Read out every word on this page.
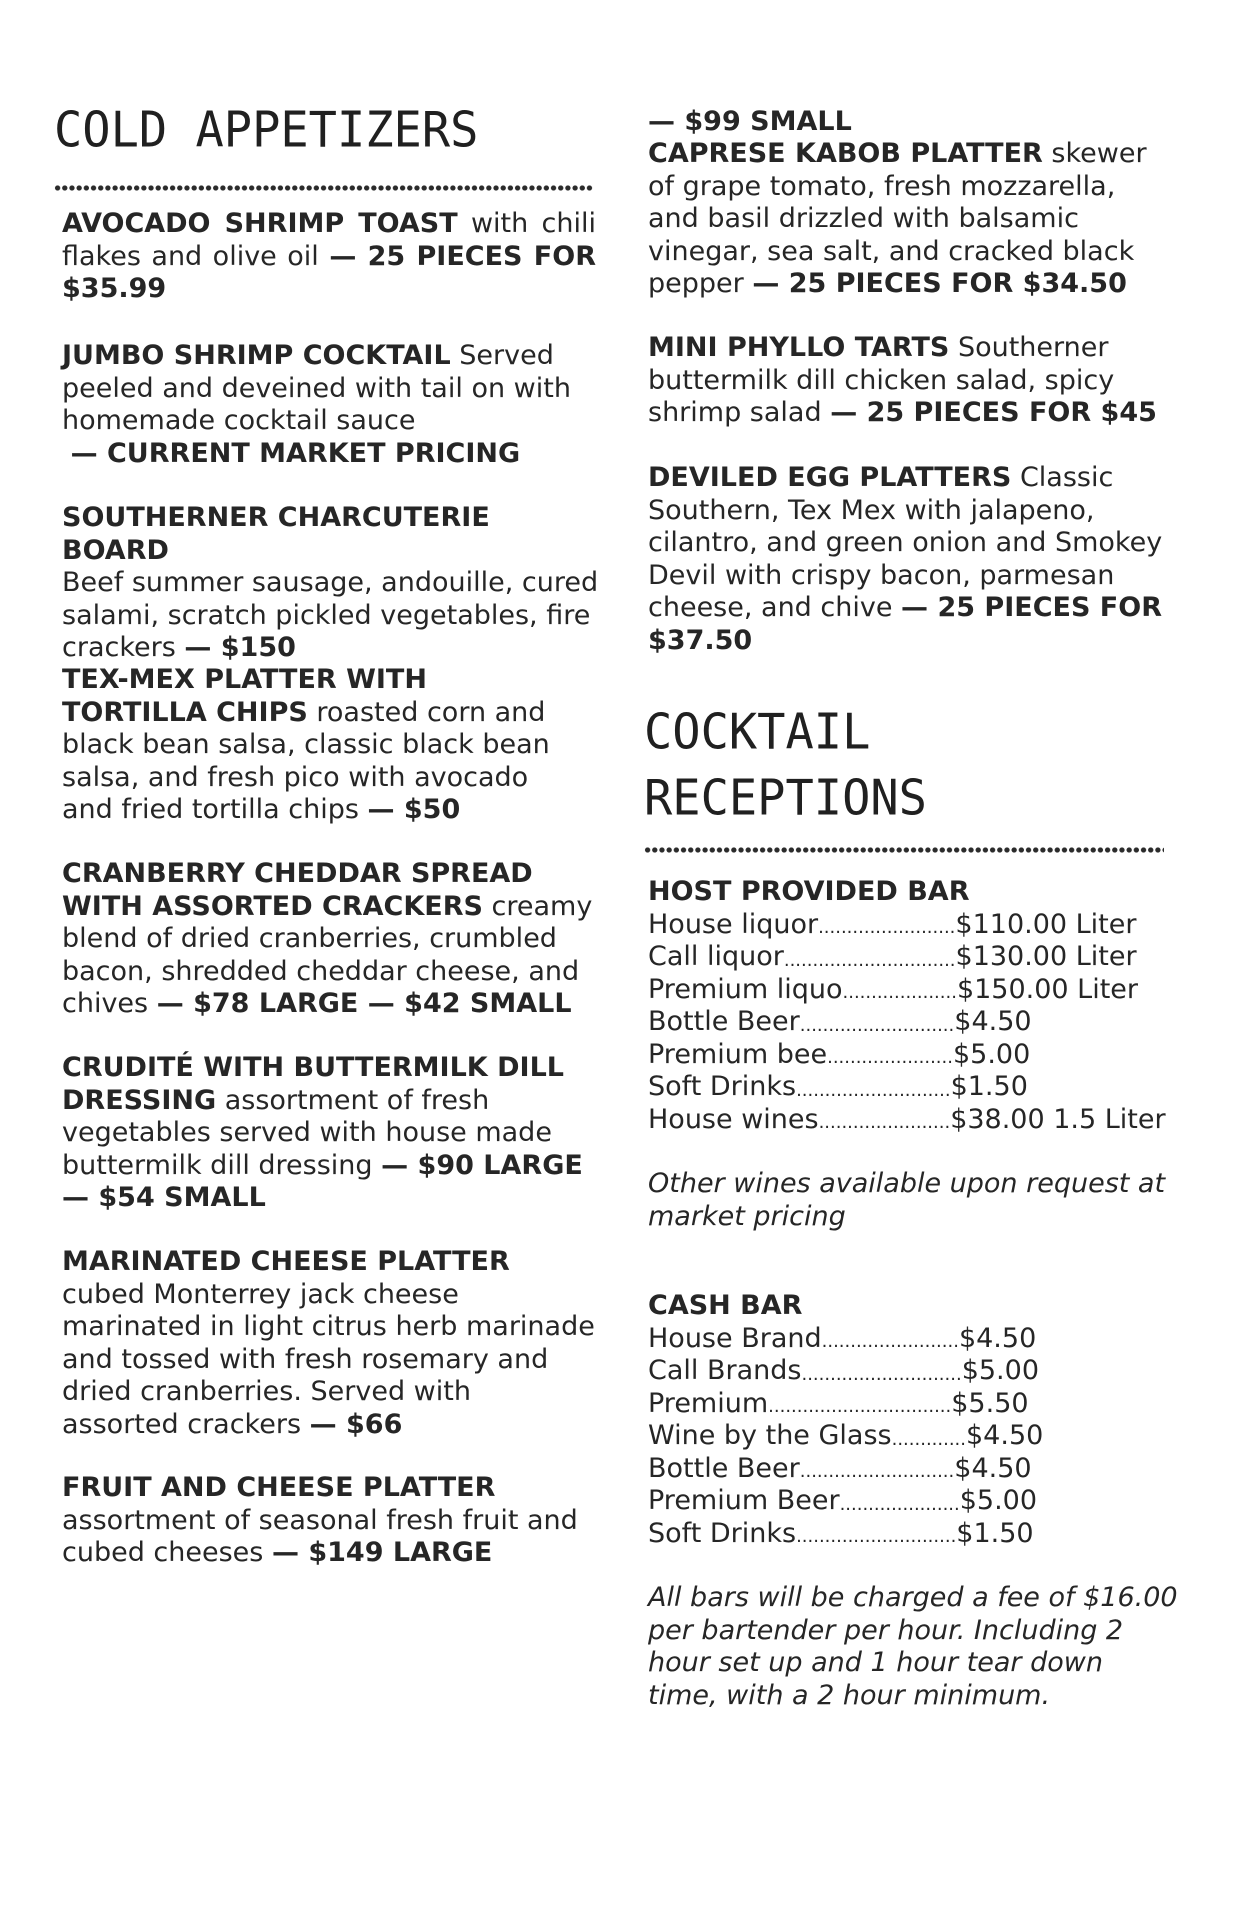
COLD APPETIZERS

AVOCADO SHRIMP TOAST with chili flakes and olive oil — 25 PIECES FOR $35.99

JUMBO SHRIMP COCKTAIL Served peeled and deveined with tail on with homemade cocktail sauce
— CURRENT MARKET PRICING

SOUTHERNER CHARCUTERIE BOARD
Beef summer sausage, andouille, cured salami, scratch pickled vegetables, fire crackers — $150

TEX-MEX PLATTER WITH TORTILLA CHIPS roasted corn and black bean salsa, classic black bean salsa, and fresh pico with avocado and fried tortilla chips — $50

CRANBERRY CHEDDAR SPREAD WITH ASSORTED CRACKERS creamy blend of dried cranberries, crumbled bacon, shredded cheddar cheese, and chives — $78 LARGE — $42 SMALL

CRUDITÉ WITH BUTTERMILK DILL DRESSING assortment of fresh vegetables served with house made buttermilk dill dressing — $90 LARGE — $54 SMALL

MARINATED CHEESE PLATTER cubed Monterrey jack cheese marinated in light citrus herb marinade and tossed with fresh rosemary and dried cranberries. Served with assorted crackers — $66

FRUIT AND CHEESE PLATTER
assortment of seasonal fresh fruit and cubed cheeses — $149 LARGE

— $99 SMALL

CAPRESE KABOB PLATTER skewer of grape tomato, fresh mozzarella, and basil drizzled with balsamic vinegar, sea salt, and cracked black pepper — 25 PIECES FOR $34.50

MINI PHYLLO TARTS Southerner buttermilk dill chicken salad, spicy shrimp salad — 25 PIECES FOR $45

DEVILED EGG PLATTERS Classic Southern, Tex Mex with jalapeno, cilantro, and green onion and Smokey Devil with crispy bacon, parmesan cheese, and chive — 25 PIECES FOR $37.50

COCKTAIL
RECEPTIONS

HOST PROVIDED BAR

House liquor ........................ $110.00 Liter
Call liquor .............................. $130.00 Liter
Premium liquo .................... $150.00 Liter
Bottle Beer ........................... $4.50
Premium bee ...................... $5.00
Soft Drinks ........................... $1.50
House wines ....................... $38.00 1.5 Liter

Other wines available upon request at market pricing

CASH BAR

House Brand ........................ $4.50
Call Brands ............................ $5.00
Premium ................................ $5.50
Wine by the Glass ............. $4.50
Bottle Beer ........................... $4.50
Premium Beer ..................... $5.00
Soft Drinks ............................ $1.50

All bars will be charged a fee of $16.00 per bartender per hour. Including 2 hour set up and 1 hour tear down time, with a 2 hour minimum.
